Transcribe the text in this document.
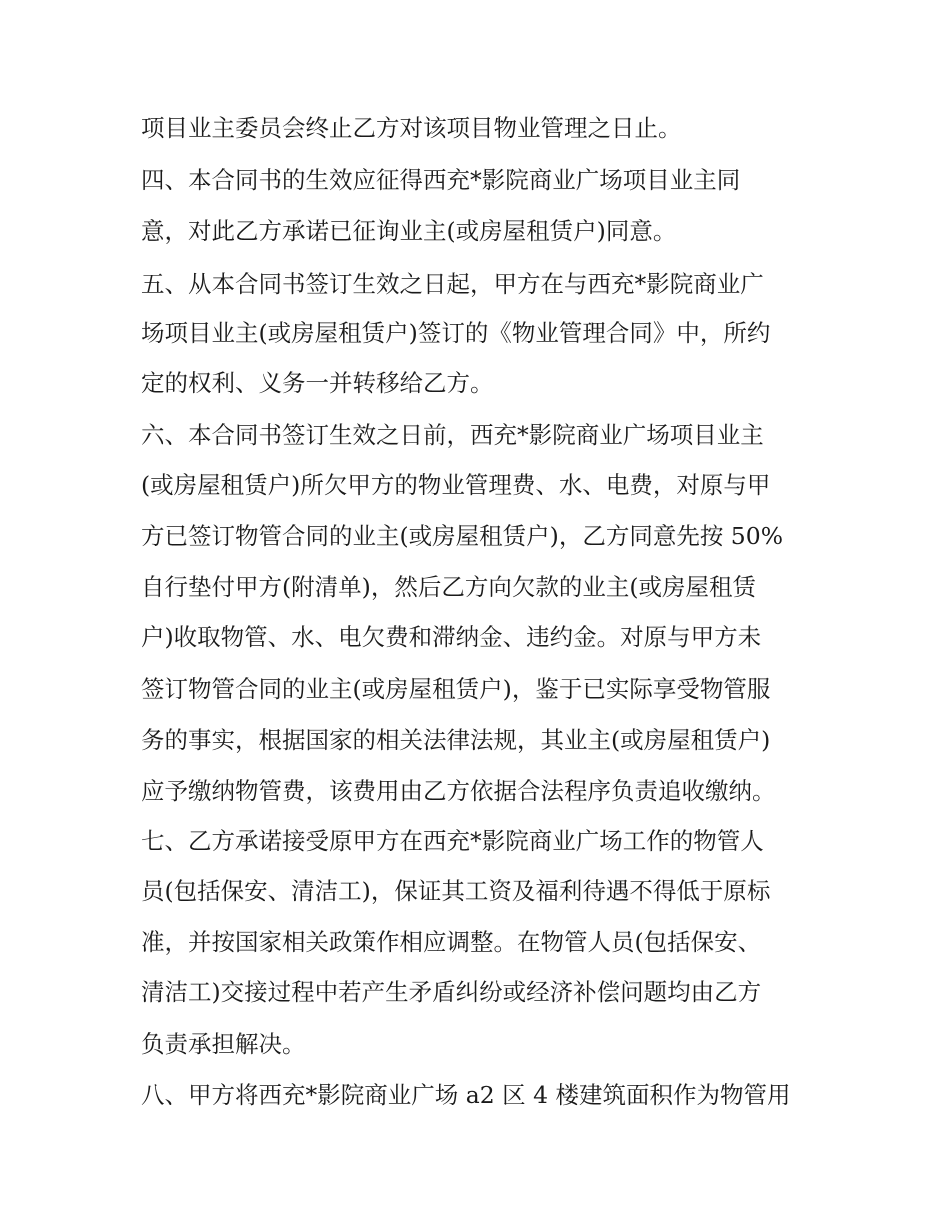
项目业主委员会终止乙方对该项目物业管理之日止。
四、本合同书的生效应征得西充*影院商业广场项目业主同
意，对此乙方承诺已征询业主(或房屋租赁户)同意。
五、从本合同书签订生效之日起，甲方在与西充*影院商业广
场项目业主(或房屋租赁户)签订的《物业管理合同》中，所约
定的权利、义务一并转移给乙方。
六、本合同书签订生效之日前，西充*影院商业广场项目业主
(或房屋租赁户)所欠甲方的物业管理费、水、电费，对原与甲
方已签订物管合同的业主(或房屋租赁户)，乙方同意先按 50%
自行垫付甲方(附清单)，然后乙方向欠款的业主(或房屋租赁
户)收取物管、水、电欠费和滞纳金、违约金。对原与甲方未
签订物管合同的业主(或房屋租赁户)，鉴于已实际享受物管服
务的事实，根据国家的相关法律法规，其业主(或房屋租赁户)
应予缴纳物管费，该费用由乙方依据合法程序负责追收缴纳。
七、乙方承诺接受原甲方在西充*影院商业广场工作的物管人
员(包括保安、清洁工)，保证其工资及福利待遇不得低于原标
准，并按国家相关政策作相应调整。在物管人员(包括保安、
清洁工)交接过程中若产生矛盾纠纷或经济补偿问题均由乙方
负责承担解决。
八、甲方将西充*影院商业广场 a2 区 4 楼建筑面积作为物管用
